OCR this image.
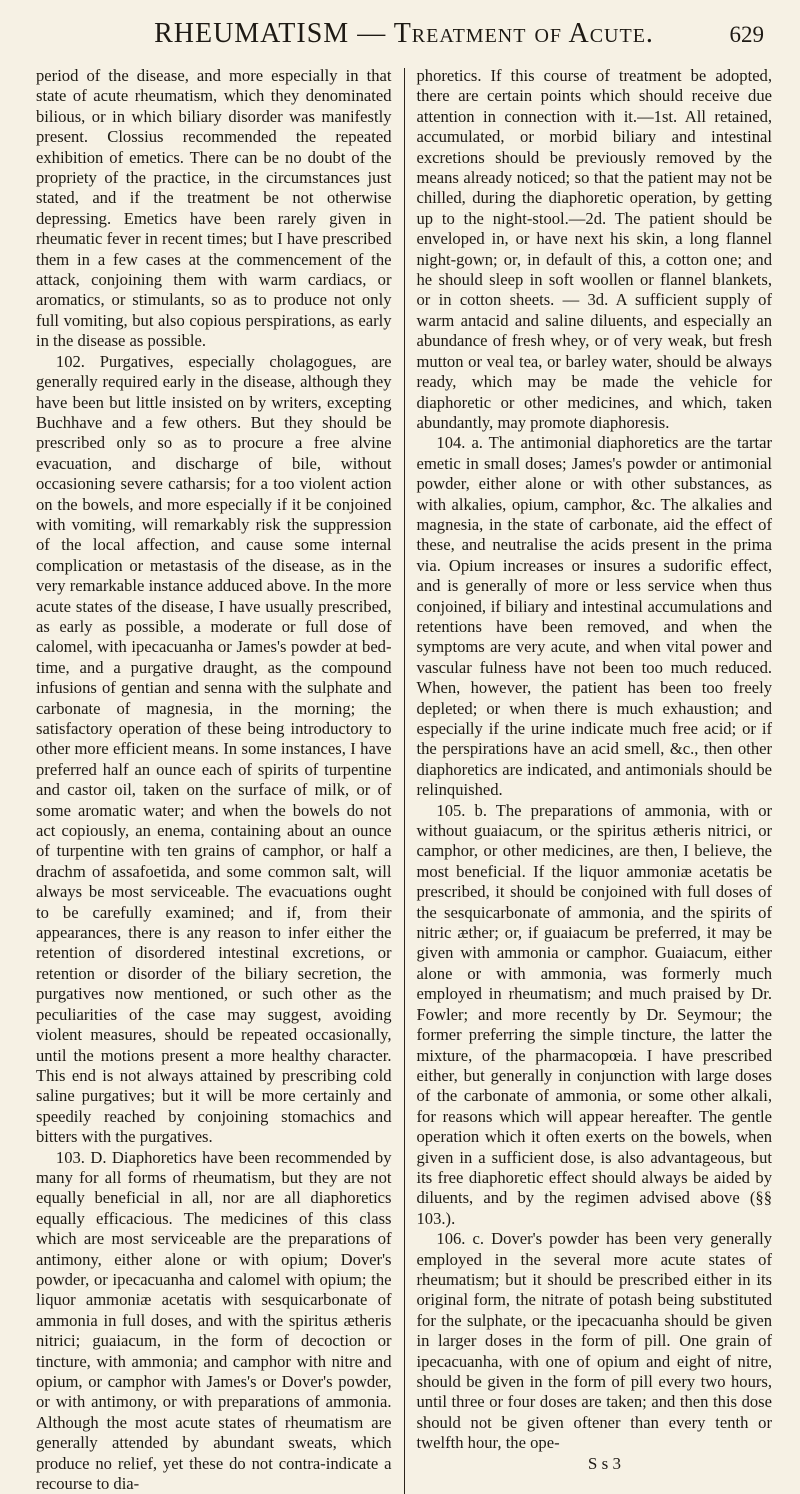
RHEUMATISM — Treatment of Acute.	629

period of the disease, and more especially in that state of acute rheumatism, which they denominated bilious, or in which biliary disorder was manifestly present. Clossius recommended the repeated exhibition of emetics. There can be no doubt of the propriety of the practice, in the circumstances just stated, and if the treatment be not otherwise depressing. Emetics have been rarely given in rheumatic fever in recent times; but I have prescribed them in a few cases at the commencement of the attack, conjoining them with warm cardiacs, or aromatics, or stimulants, so as to produce not only full vomiting, but also copious perspirations, as early in the disease as possible.

102. Purgatives, especially cholagogues, are generally required early in the disease, although they have been but little insisted on by writers, excepting Buchhave and a few others. But they should be prescribed only so as to procure a free alvine evacuation, and discharge of bile, without occasioning severe catharsis; for a too violent action on the bowels, and more especially if it be conjoined with vomiting, will remarkably risk the suppression of the local affection, and cause some internal complication or metastasis of the disease, as in the very remarkable instance adduced above. In the more acute states of the disease, I have usually prescribed, as early as possible, a moderate or full dose of calomel, with ipecacuanha or James's powder at bed-time, and a purgative draught, as the compound infusions of gentian and senna with the sulphate and carbonate of magnesia, in the morning; the satisfactory operation of these being introductory to other more efficient means. In some instances, I have preferred half an ounce each of spirits of turpentine and castor oil, taken on the surface of milk, or of some aromatic water; and when the bowels do not act copiously, an enema, containing about an ounce of turpentine with ten grains of camphor, or half a drachm of assafoetida, and some common salt, will always be most serviceable. The evacuations ought to be carefully examined; and if, from their appearances, there is any reason to infer either the retention of disordered intestinal excretions, or retention or disorder of the biliary secretion, the purgatives now mentioned, or such other as the peculiarities of the case may suggest, avoiding violent measures, should be repeated occasionally, until the motions present a more healthy character. This end is not always attained by prescribing cold saline purgatives; but it will be more certainly and speedily reached by conjoining stomachics and bitters with the purgatives.

103. D. Diaphoretics have been recommended by many for all forms of rheumatism, but they are not equally beneficial in all, nor are all diaphoretics equally efficacious. The medicines of this class which are most serviceable are the preparations of antimony, either alone or with opium; Dover's powder, or ipecacuanha and calomel with opium; the liquor ammoniæ acetatis with sesquicarbonate of ammonia in full doses, and with the spiritus ætheris nitrici; guaiacum, in the form of decoction or tincture, with ammonia; and camphor with nitre and opium, or camphor with James's or Dover's powder, or with antimony, or with preparations of ammonia. Although the most acute states of rheumatism are generally attended by abundant sweats, which produce no relief, yet these do not contra-indicate a recourse to dia-

phoretics. If this course of treatment be adopted, there are certain points which should receive due attention in connection with it.—1st. All retained, accumulated, or morbid biliary and intestinal excretions should be previously removed by the means already noticed; so that the patient may not be chilled, during the diaphoretic operation, by getting up to the night-stool.—2d. The patient should be enveloped in, or have next his skin, a long flannel night-gown; or, in default of this, a cotton one; and he should sleep in soft woollen or flannel blankets, or in cotton sheets. — 3d. A sufficient supply of warm antacid and saline diluents, and especially an abundance of fresh whey, or of very weak, but fresh mutton or veal tea, or barley water, should be always ready, which may be made the vehicle for diaphoretic or other medicines, and which, taken abundantly, may promote diaphoresis.

104. a. The antimonial diaphoretics are the tartar emetic in small doses; James's powder or antimonial powder, either alone or with other substances, as with alkalies, opium, camphor, &c. The alkalies and magnesia, in the state of carbonate, aid the effect of these, and neutralise the acids present in the prima via. Opium increases or insures a sudorific effect, and is generally of more or less service when thus conjoined, if biliary and intestinal accumulations and retentions have been removed, and when the symptoms are very acute, and when vital power and vascular fulness have not been too much reduced. When, however, the patient has been too freely depleted; or when there is much exhaustion; and especially if the urine indicate much free acid; or if the perspirations have an acid smell, &c., then other diaphoretics are indicated, and antimonials should be relinquished.

105. b. The preparations of ammonia, with or without guaiacum, or the spiritus ætheris nitrici, or camphor, or other medicines, are then, I believe, the most beneficial. If the liquor ammoniæ acetatis be prescribed, it should be conjoined with full doses of the sesquicarbonate of ammonia, and the spirits of nitric æther; or, if guaiacum be preferred, it may be given with ammonia or camphor. Guaiacum, either alone or with ammonia, was formerly much employed in rheumatism; and much praised by Dr. Fowler; and more recently by Dr. Seymour; the former preferring the simple tincture, the latter the mixture, of the pharmacopœia. I have prescribed either, but generally in conjunction with large doses of the carbonate of ammonia, or some other alkali, for reasons which will appear hereafter. The gentle operation which it often exerts on the bowels, when given in a sufficient dose, is also advantageous, but its free diaphoretic effect should always be aided by diluents, and by the regimen advised above (§§ 103.).

106. c. Dover's powder has been very generally employed in the several more acute states of rheumatism; but it should be prescribed either in its original form, the nitrate of potash being substituted for the sulphate, or the ipecacuanha should be given in larger doses in the form of pill. One grain of ipecacuanha, with one of opium and eight of nitre, should be given in the form of pill every two hours, until three or four doses are taken; and then this dose should not be given oftener than every tenth or twelfth hour, the ope-

S s 3
